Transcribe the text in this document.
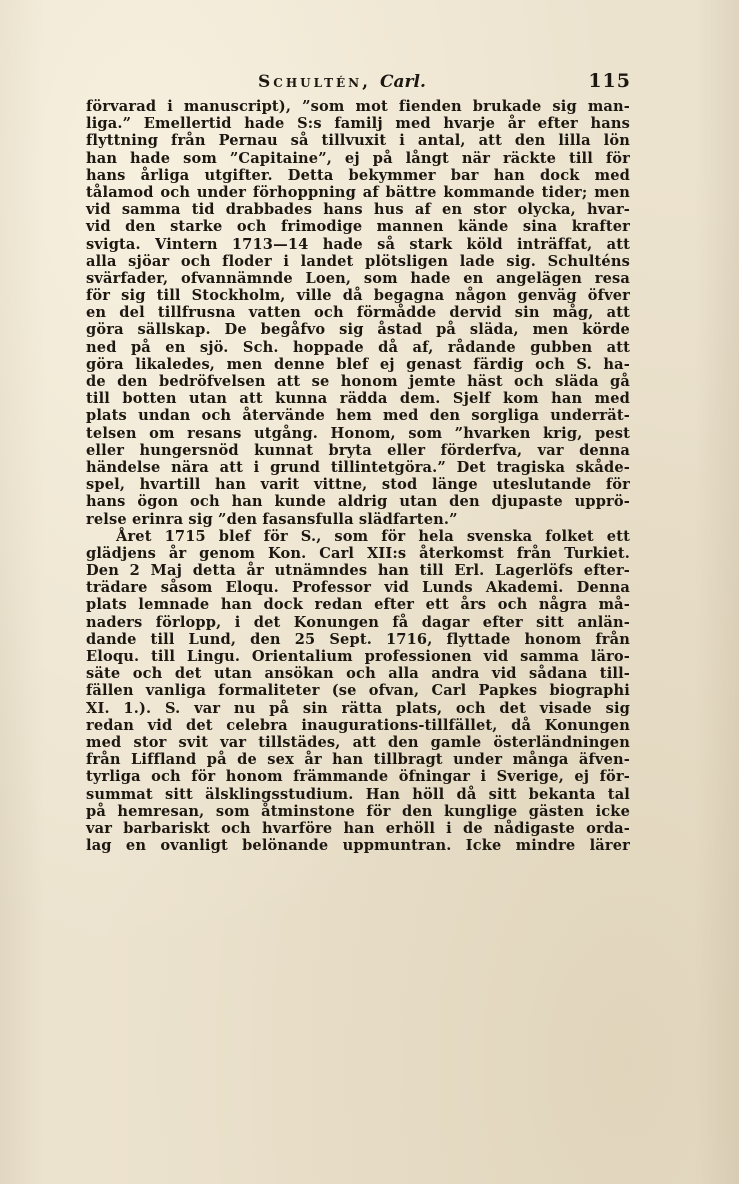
Schultén, Carl.	115
förvarad i manuscript), ”som mot fienden brukade sig man-
liga.” Emellertid hade S:s familj med hvarje år efter hans
flyttning från Pernau så tillvuxit i antal, att den lilla lön
han hade som ”Capitaine”, ej på långt när räckte till för
hans årliga utgifter. Detta bekymmer bar han dock med
tålamod och under förhoppning af bättre kommande tider; men
vid samma tid drabbades hans hus af en stor olycka, hvar-
vid den starke och frimodige mannen kände sina krafter
svigta. Vintern 1713—14 hade så stark köld inträffat, att
alla sjöar och floder i landet plötsligen lade sig. Schulténs
svärfader, ofvannämnde Loen, som hade en angelägen resa
för sig till Stockholm, ville då begagna någon genväg öfver
en del tillfrusna vatten och förmådde dervid sin måg, att
göra sällskap. De begåfvo sig åstad på släda, men körde
ned på en sjö. Sch. hoppade då af, rådande gubben att
göra likaledes, men denne blef ej genast färdig och S. ha-
de den bedröfvelsen att se honom jemte häst och släda gå
till botten utan att kunna rädda dem. Sjelf kom han med
plats undan och återvände hem med den sorgliga underrät-
telsen om resans utgång. Honom, som ”hvarken krig, pest
eller hungersnöd kunnat bryta eller förderfva, var denna
händelse nära att i grund tillintetgöra.” Det tragiska skåde-
spel, hvartill han varit vittne, stod länge uteslutande för
hans ögon och han kunde aldrig utan den djupaste upprö-
relse erinra sig ”den fasansfulla slädfarten.”
Året 1715 blef för S., som för hela svenska folket ett
glädjens år genom Kon. Carl XII:s återkomst från Turkiet.
Den 2 Maj detta år utnämndes han till Erl. Lagerlöfs efter-
trädare såsom Eloqu. Professor vid Lunds Akademi. Denna
plats lemnade han dock redan efter ett års och några må-
naders förlopp, i det Konungen få dagar efter sitt anlän-
dande till Lund, den 25 Sept. 1716, flyttade honom från
Eloqu. till Lingu. Orientalium professionen vid samma läro-
säte och det utan ansökan och alla andra vid sådana till-
fällen vanliga formaliteter (se ofvan, Carl Papkes biographi
XI. 1.). S. var nu på sin rätta plats, och det visade sig
redan vid det celebra inaugurations-tillfället, då Konungen
med stor svit var tillstädes, att den gamle österländningen
från Liffland på de sex år han tillbragt under många äfven-
tyrliga och för honom främmande öfningar i Sverige, ej för-
summat sitt älsklingsstudium. Han höll då sitt bekanta tal
på hemresan, som åtminstone för den kunglige gästen icke
var barbariskt och hvarföre han erhöll i de nådigaste orda-
lag en ovanligt belönande uppmuntran. Icke mindre lärer
